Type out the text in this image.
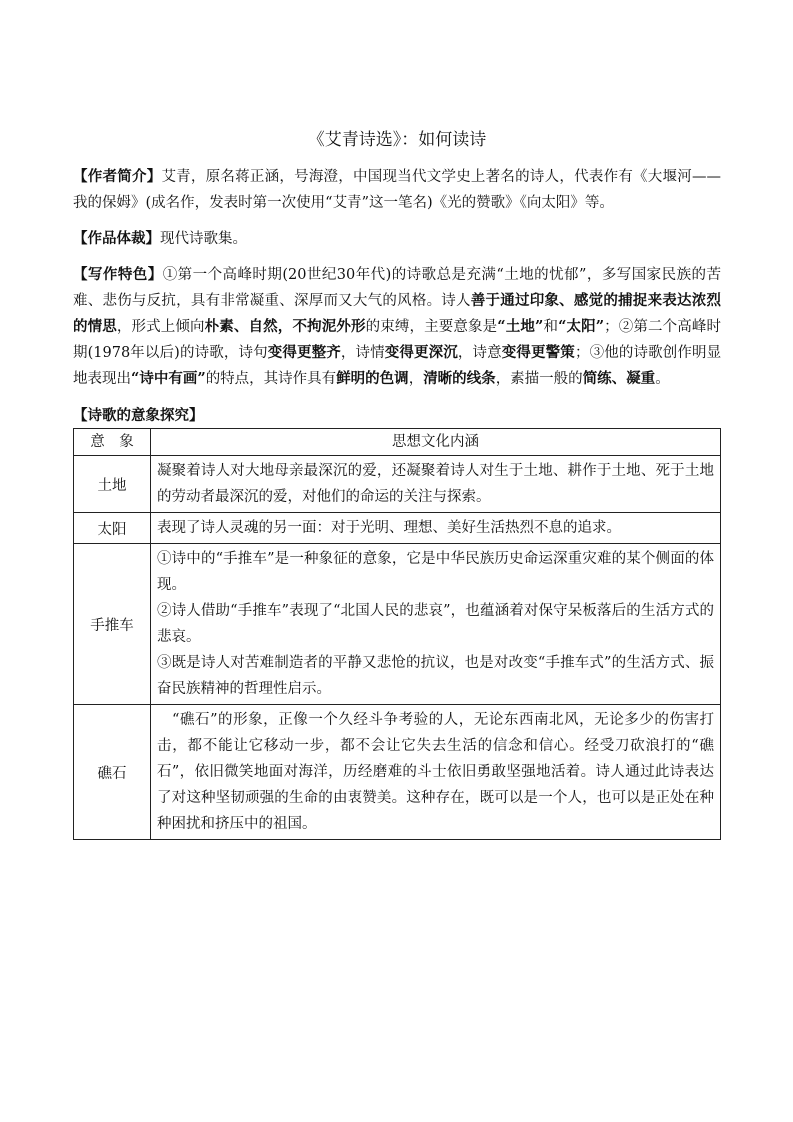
《艾青诗选》：如何读诗

【作者简介】艾青，原名蒋正涵，号海澄，中国现当代文学史上著名的诗人，代表作有《大堰河——我的保姆》(成名作，发表时第一次使用“艾青”这一笔名)《光的赞歌》《向太阳》等。

【作品体裁】现代诗歌集。

【写作特色】①第一个高峰时期(20世纪30年代)的诗歌总是充满“土地的忧郁”，多写国家民族的苦难、悲伤与反抗，具有非常凝重、深厚而又大气的风格。诗人善于通过印象、感觉的捕捉来表达浓烈的情思，形式上倾向朴素、自然，不拘泥外形的束缚，主要意象是“土地”和“太阳”；②第二个高峰时期(1978年以后)的诗歌，诗句变得更整齐，诗情变得更深沉，诗意变得更警策；③他的诗歌创作明显地表现出“诗中有画”的特点，其诗作具有鲜明的色调，清晰的线条，素描一般的简练、凝重。

【诗歌的意象探究】
意　象	思想文化内涵
土地	凝聚着诗人对大地母亲最深沉的爱，还凝聚着诗人对生于土地、耕作于土地、死于土地的劳动者最深沉的爱，对他们的命运的关注与探索。

太阳	表现了诗人灵魂的另一面：对于光明、理想、美好生活热烈不息的追求。

手推车	①诗中的“手推车”是一种象征的意象，它是中华民族历史命运深重灾难的某个侧面的体现。

②诗人借助“手推车”表现了“北国人民的悲哀”，也蕴涵着对保守呆板落后的生活方式的悲哀。

③既是诗人对苦难制造者的平静又悲怆的抗议，也是对改变“手推车式”的生活方式、振奋民族精神的哲理性启示。

礁石	　“礁石”的形象，正像一个久经斗争考验的人，无论东西南北风，无论多少的伤害打击，都不能让它移动一步，都不会让它失去生活的信念和信心。经受刀砍浪打的“礁石”，依旧微笑地面对海洋，历经磨难的斗士依旧勇敢坚强地活着。诗人通过此诗表达了对这种坚韧顽强的生命的由衷赞美。这种存在，既可以是一个人，也可以是正处在种种困扰和挤压中的祖国。
